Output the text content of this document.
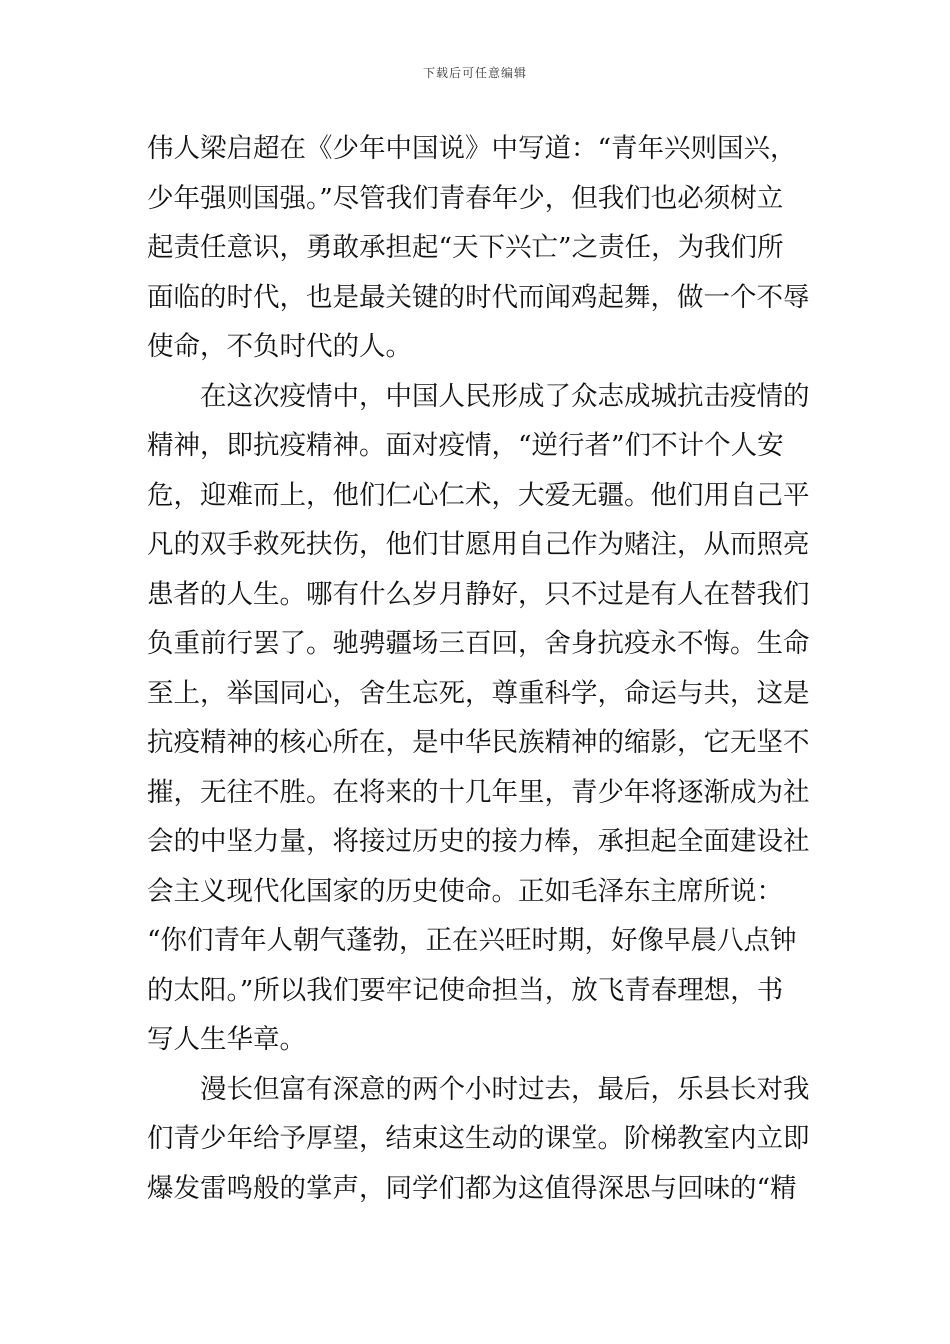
下载后可任意编辑
伟人梁启超在《少年中国说》中写道：“青年兴则国兴，
少年强则国强。”尽管我们青春年少，但我们也必须树立
起责任意识，勇敢承担起“天下兴亡”之责任，为我们所
面临的时代，也是最关键的时代而闻鸡起舞，做一个不辱
使命，不负时代的人。
　　在这次疫情中，中国人民形成了众志成城抗击疫情的
精神，即抗疫精神。面对疫情，“逆行者”们不计个人安
危，迎难而上，他们仁心仁术，大爱无疆。他们用自己平
凡的双手救死扶伤，他们甘愿用自己作为赌注，从而照亮
患者的人生。哪有什么岁月静好，只不过是有人在替我们
负重前行罢了。驰骋疆场三百回，舍身抗疫永不悔。生命
至上，举国同心，舍生忘死，尊重科学，命运与共，这是
抗疫精神的核心所在，是中华民族精神的缩影，它无坚不
摧，无往不胜。在将来的十几年里，青少年将逐渐成为社
会的中坚力量，将接过历史的接力棒，承担起全面建设社
会主义现代化国家的历史使命。正如毛泽东主席所说：
“你们青年人朝气蓬勃，正在兴旺时期，好像早晨八点钟
的太阳。”所以我们要牢记使命担当，放飞青春理想，书
写人生华章。
　　漫长但富有深意的两个小时过去，最后，乐县长对我
们青少年给予厚望，结束这生动的课堂。阶梯教室内立即
爆发雷鸣般的掌声，同学们都为这值得深思与回味的“精
